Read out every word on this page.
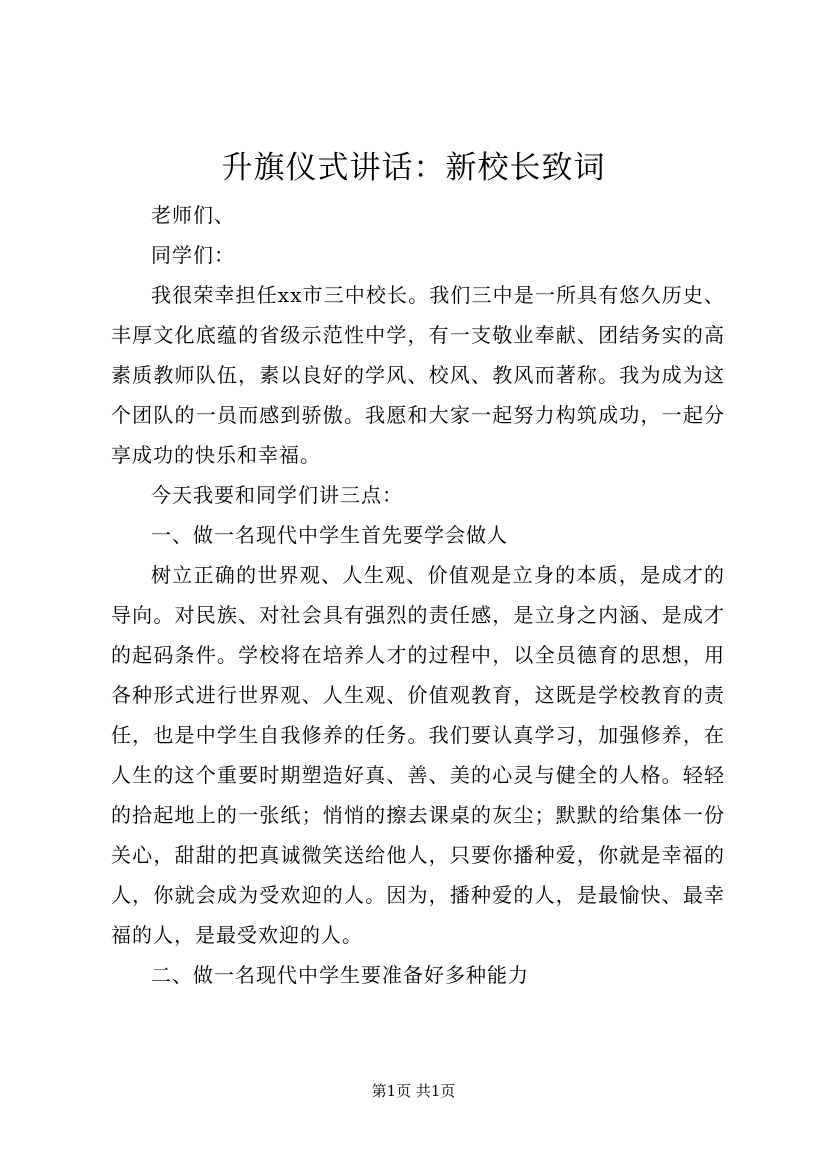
升旗仪式讲话：新校长致词

老师们、

同学们：

我很荣幸担任xx市三中校长。我们三中是一所具有悠久历史、丰厚文化底蕴的省级示范性中学，有一支敬业奉献、团结务实的高素质教师队伍，素以良好的学风、校风、教风而著称。我为成为这个团队的一员而感到骄傲。我愿和大家一起努力构筑成功，一起分享成功的快乐和幸福。

今天我要和同学们讲三点：

一、做一名现代中学生首先要学会做人

树立正确的世界观、人生观、价值观是立身的本质，是成才的导向。对民族、对社会具有强烈的责任感，是立身之内涵、是成才的起码条件。学校将在培养人才的过程中，以全员德育的思想，用各种形式进行世界观、人生观、价值观教育，这既是学校教育的责任，也是中学生自我修养的任务。我们要认真学习，加强修养，在人生的这个重要时期塑造好真、善、美的心灵与健全的人格。轻轻的拾起地上的一张纸；悄悄的擦去课桌的灰尘；默默的给集体一份关心，甜甜的把真诚微笑送给他人，只要你播种爱，你就是幸福的人，你就会成为受欢迎的人。因为，播种爱的人，是最愉快、最幸福的人，是最受欢迎的人。

二、做一名现代中学生要准备好多种能力

第1页 共1页
